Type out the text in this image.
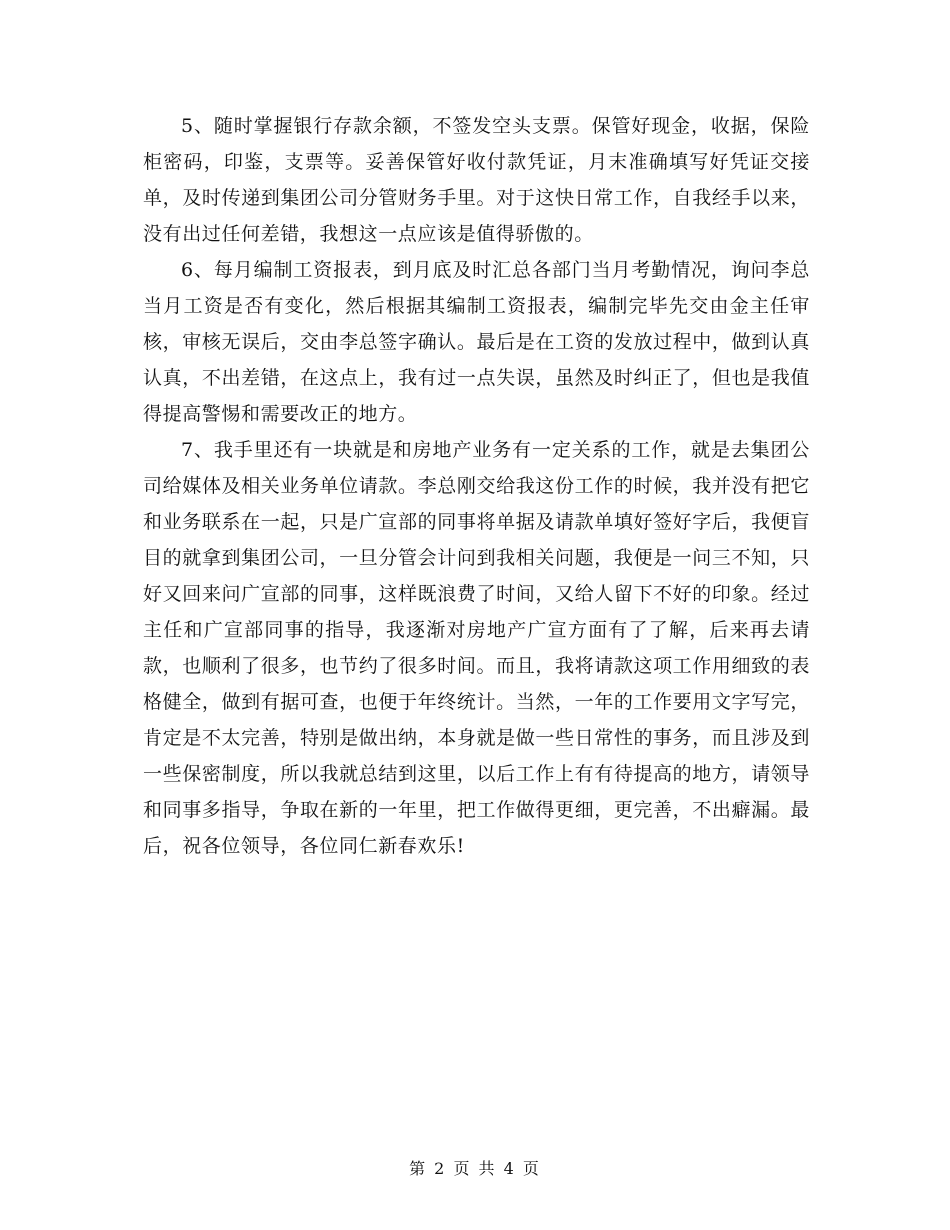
5、随时掌握银行存款余额，不签发空头支票。保管好现金，收据，保险柜密码，印鉴，支票等。妥善保管好收付款凭证，月末准确填写好凭证交接单，及时传递到集团公司分管财务手里。对于这快日常工作，自我经手以来，没有出过任何差错，我想这一点应该是值得骄傲的。

6、每月编制工资报表，到月底及时汇总各部门当月考勤情况，询问李总当月工资是否有变化，然后根据其编制工资报表，编制完毕先交由金主任审核，审核无误后，交由李总签字确认。最后是在工资的发放过程中，做到认真认真，不出差错，在这点上，我有过一点失误，虽然及时纠正了，但也是我值得提高警惕和需要改正的地方。

7、我手里还有一块就是和房地产业务有一定关系的工作，就是去集团公司给媒体及相关业务单位请款。李总刚交给我这份工作的时候，我并没有把它和业务联系在一起，只是广宣部的同事将单据及请款单填好签好字后，我便盲目的就拿到集团公司，一旦分管会计问到我相关问题，我便是一问三不知，只好又回来问广宣部的同事，这样既浪费了时间，又给人留下不好的印象。经过主任和广宣部同事的指导，我逐渐对房地产广宣方面有了了解，后来再去请款，也顺利了很多，也节约了很多时间。而且，我将请款这项工作用细致的表格健全，做到有据可查，也便于年终统计。当然，一年的工作要用文字写完，肯定是不太完善，特别是做出纳，本身就是做一些日常性的事务，而且涉及到一些保密制度，所以我就总结到这里，以后工作上有有待提高的地方，请领导和同事多指导，争取在新的一年里，把工作做得更细，更完善，不出癖漏。最后，祝各位领导，各位同仁新春欢乐!

第 2 页 共 4 页
